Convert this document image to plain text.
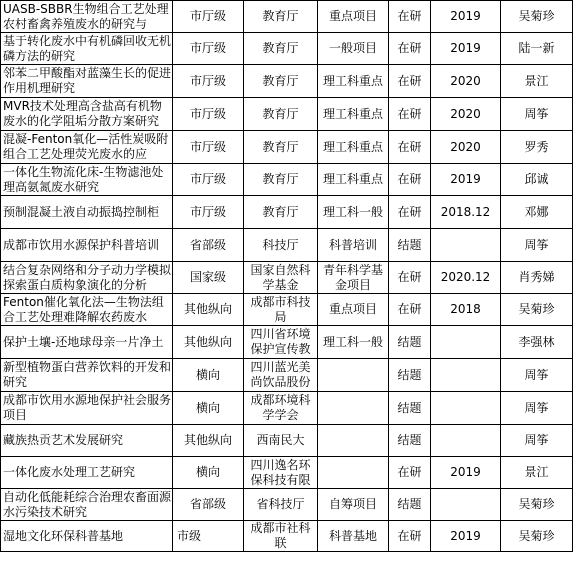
UASB-SBBR生物组合工艺处理农村畜禽养殖废水的研究与	市厅级	教育厅	重点项目	在研	2019	吴菊珍
基于转化废水中有机磷回收无机磷方法的研究	市厅级	教育厅	一般项目	在研	2019	陆一新
邻苯二甲酸酯对蓝藻生长的促进作用机理研究	市厅级	教育厅	理工科重点	在研	2020	景江
MVR技术处理高含盐高有机物废水的化学阻垢分散方案研究	市厅级	教育厅	理工科重点	在研	2020	周筝
混凝-Fenton氧化—活性炭吸附组合工艺处理荧光废水的应	市厅级	教育厅	理工科重点	在研	2020	罗秀
一体化生物流化床-生物滤池处理高氨氮废水研究	市厅级	教育厅	理工科重点	在研	2019	邱诚
预制混凝土液自动振捣控制柜	市厅级	教育厅	理工科一般	在研	2018.12	邓娜
成都市饮用水源保护科普培训	省部级	科技厅	科普培训	结题		周筝
结合复杂网络和分子动力学模拟探索蛋白质构象演化的分析	国家级	国家自然科学基金	青年科学基金项目	在研	2020.12	肖秀娣
Fenton催化氧化法—生物法组合工艺处理难降解农药废水	其他纵向	成都市科技局	重点项目	在研	2018	吴菊珍
保护土壤-还地球母亲一片净土	其他纵向	四川省环境保护宣传教	理工科一般	结题		李强林
新型植物蛋白营养饮料的开发和研究	横向	四川蓝光美尚饮品股份		结题		周筝
成都市饮用水源地保护社会服务项目	横向	成都环境科学学会		结题		周筝
藏族热贡艺术发展研究	其他纵向	西南民大		结题		周筝
一体化废水处理工艺研究	横向	四川逸名环保科技有限		在研	2019	景江
自动化低能耗综合治理农畜面源水污染技术研究	省部级	省科技厅	自筹项目	结题		吴菊珍
湿地文化环保科普基地	市级	成都市社科联	科普基地	在研	2019	吴菊珍
